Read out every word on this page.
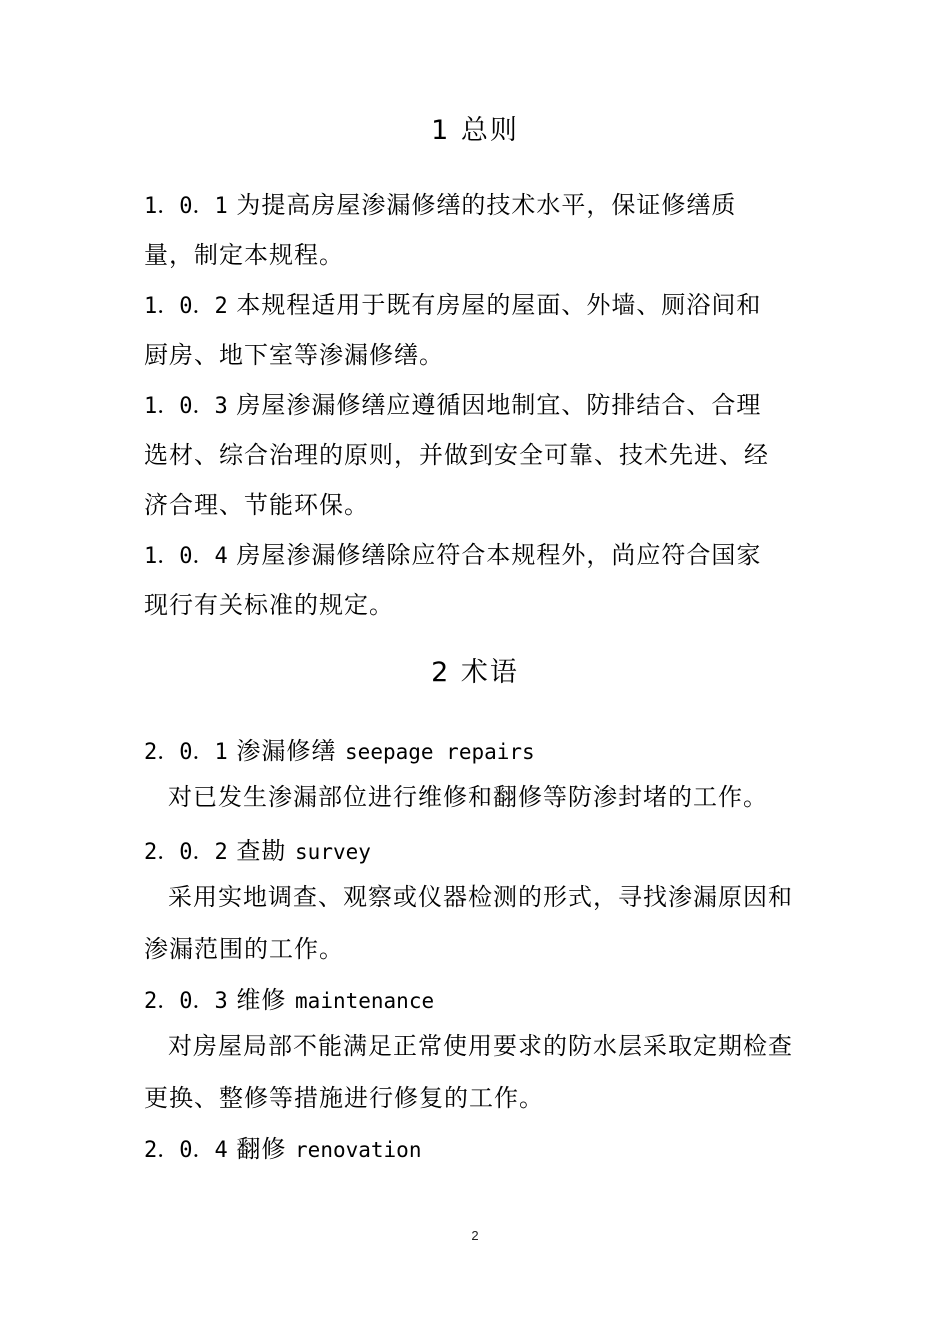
1 总则
1．0．1 为提高房屋渗漏修缮的技术水平，保证修缮质
量，制定本规程。
1．0．2 本规程适用于既有房屋的屋面、外墙、厕浴间和
厨房、地下室等渗漏修缮。
1．0．3 房屋渗漏修缮应遵循因地制宜、防排结合、合理
选材、综合治理的原则，并做到安全可靠、技术先进、经
济合理、节能环保。
1．0．4 房屋渗漏修缮除应符合本规程外，尚应符合国家
现行有关标准的规定。
2 术语
2．0．1 渗漏修缮 seepage repairs
对已发生渗漏部位进行维修和翻修等防渗封堵的工作。
2．0．2 查勘 survey
采用实地调查、观察或仪器检测的形式，寻找渗漏原因和
渗漏范围的工作。
2．0．3 维修 maintenance
对房屋局部不能满足正常使用要求的防水层采取定期检查
更换、整修等措施进行修复的工作。
2．0．4 翻修 renovation
2
